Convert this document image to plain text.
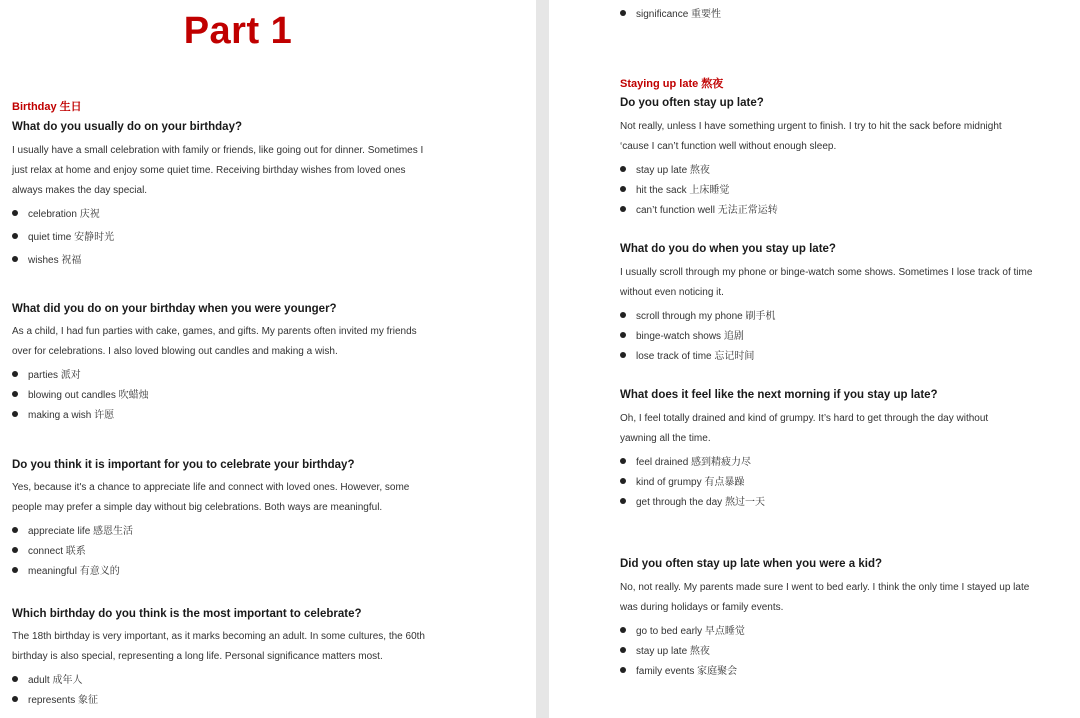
Part 1
Birthday 生日
What do you usually do on your birthday?
I usually have a small celebration with family or friends, like going out for dinner. Sometimes I
just relax at home and enjoy some quiet time. Receiving birthday wishes from loved ones
always makes the day special.
celebration 庆祝
quiet time 安静时光
wishes 祝福
What did you do on your birthday when you were younger?
As a child, I had fun parties with cake, games, and gifts. My parents often invited my friends
over for celebrations. I also loved blowing out candles and making a wish.
parties 派对
blowing out candles 吹蜡烛
making a wish 许愿
Do you think it is important for you to celebrate your birthday?
Yes, because it's a chance to appreciate life and connect with loved ones. However, some
people may prefer a simple day without big celebrations. Both ways are meaningful.
appreciate life 感恩生活
connect 联系
meaningful 有意义的
Which birthday do you think is the most important to celebrate?
The 18th birthday is very important, as it marks becoming an adult. In some cultures, the 60th
birthday is also special, representing a long life. Personal significance matters most.
adult 成年人
represents 象征
significance 重要性
Staying up late 熬夜
Do you often stay up late?
Not really, unless I have something urgent to finish. I try to hit the sack before midnight
‘cause I can’t function well without enough sleep.
stay up late 熬夜
hit the sack 上床睡觉
can’t function well 无法正常运转
What do you do when you stay up late?
I usually scroll through my phone or binge-watch some shows. Sometimes I lose track of time
without even noticing it.
scroll through my phone 刷手机
binge-watch shows 追剧
lose track of time 忘记时间
What does it feel like the next morning if you stay up late?
Oh, I feel totally drained and kind of grumpy. It’s hard to get through the day without
yawning all the time.
feel drained 感到精疲力尽
kind of grumpy 有点暴躁
get through the day 熬过一天
Did you often stay up late when you were a kid?
No, not really. My parents made sure I went to bed early. I think the only time I stayed up late
was during holidays or family events.
go to bed early 早点睡觉
stay up late 熬夜
family events 家庭聚会
